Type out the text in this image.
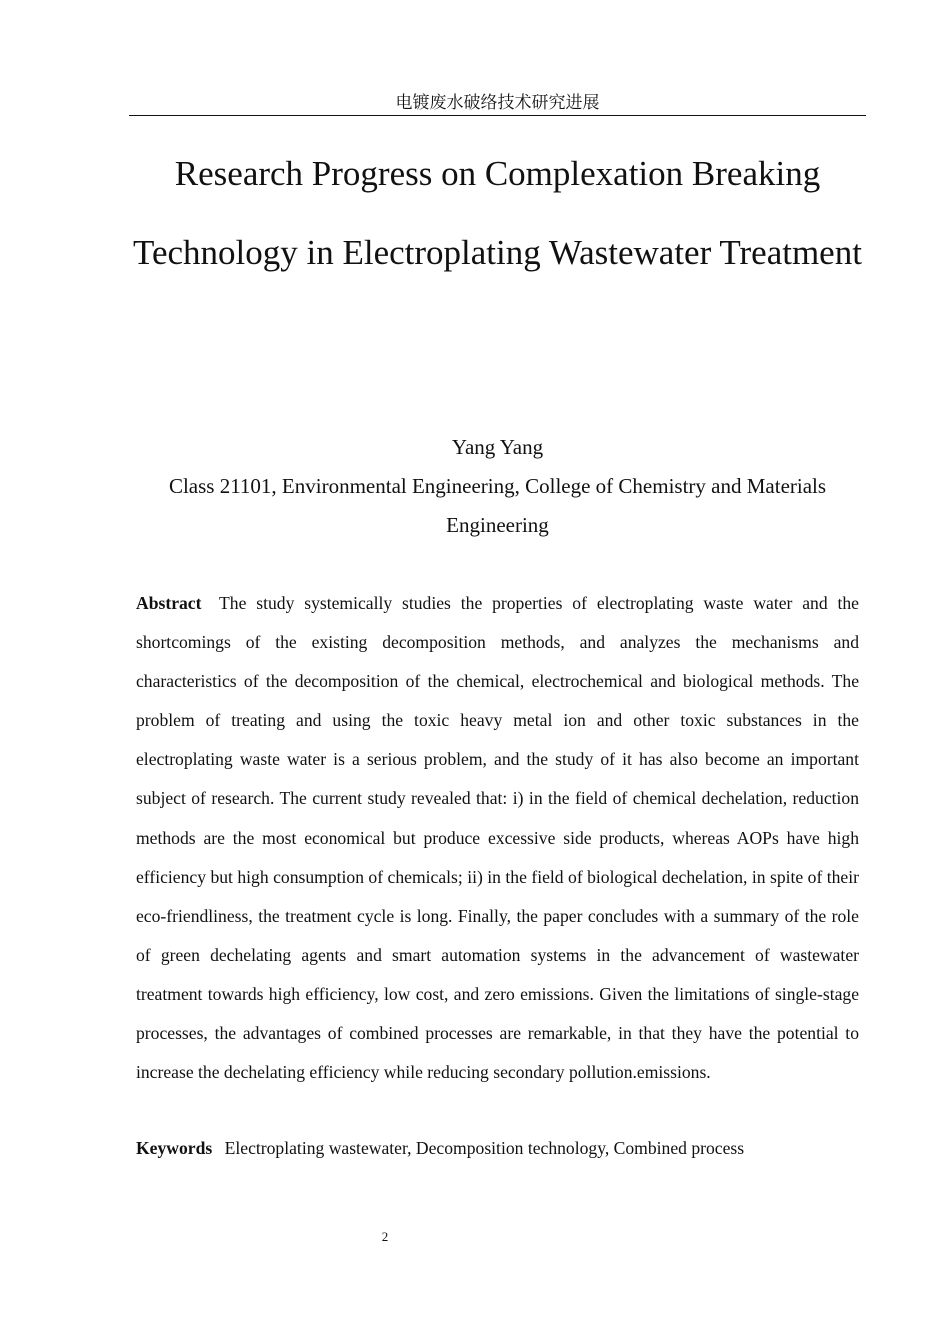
电镀废水破络技术研究进展
Research Progress on Complexation Breaking Technology in Electroplating Wastewater Treatment
Yang Yang
Class 21101, Environmental Engineering, College of Chemistry and Materials Engineering

Abstract The study systemically studies the properties of electroplating waste water and the shortcomings of the existing decomposition methods, and analyzes the mechanisms and characteristics of the decomposition of the chemical, electrochemical and biological methods. The problem of treating and using the toxic heavy metal ion and other toxic substances in the electroplating waste water is a serious problem, and the study of it has also become an important subject of research. The current study revealed that: i) in the field of chemical dechelation, reduction methods are the most economical but produce excessive side products, whereas AOPs have high efficiency but high consumption of chemicals; ii) in the field of biological dechelation, in spite of their eco-friendliness, the treatment cycle is long. Finally, the paper concludes with a summary of the role of green dechelating agents and smart automation systems in the advancement of wastewater treatment towards high efficiency, low cost, and zero emissions. Given the limitations of single-stage processes, the advantages of combined processes are remarkable, in that they have the potential to increase the dechelating efficiency while reducing secondary pollution.emissions.

Keywords Electroplating wastewater, Decomposition technology, Combined process

2
